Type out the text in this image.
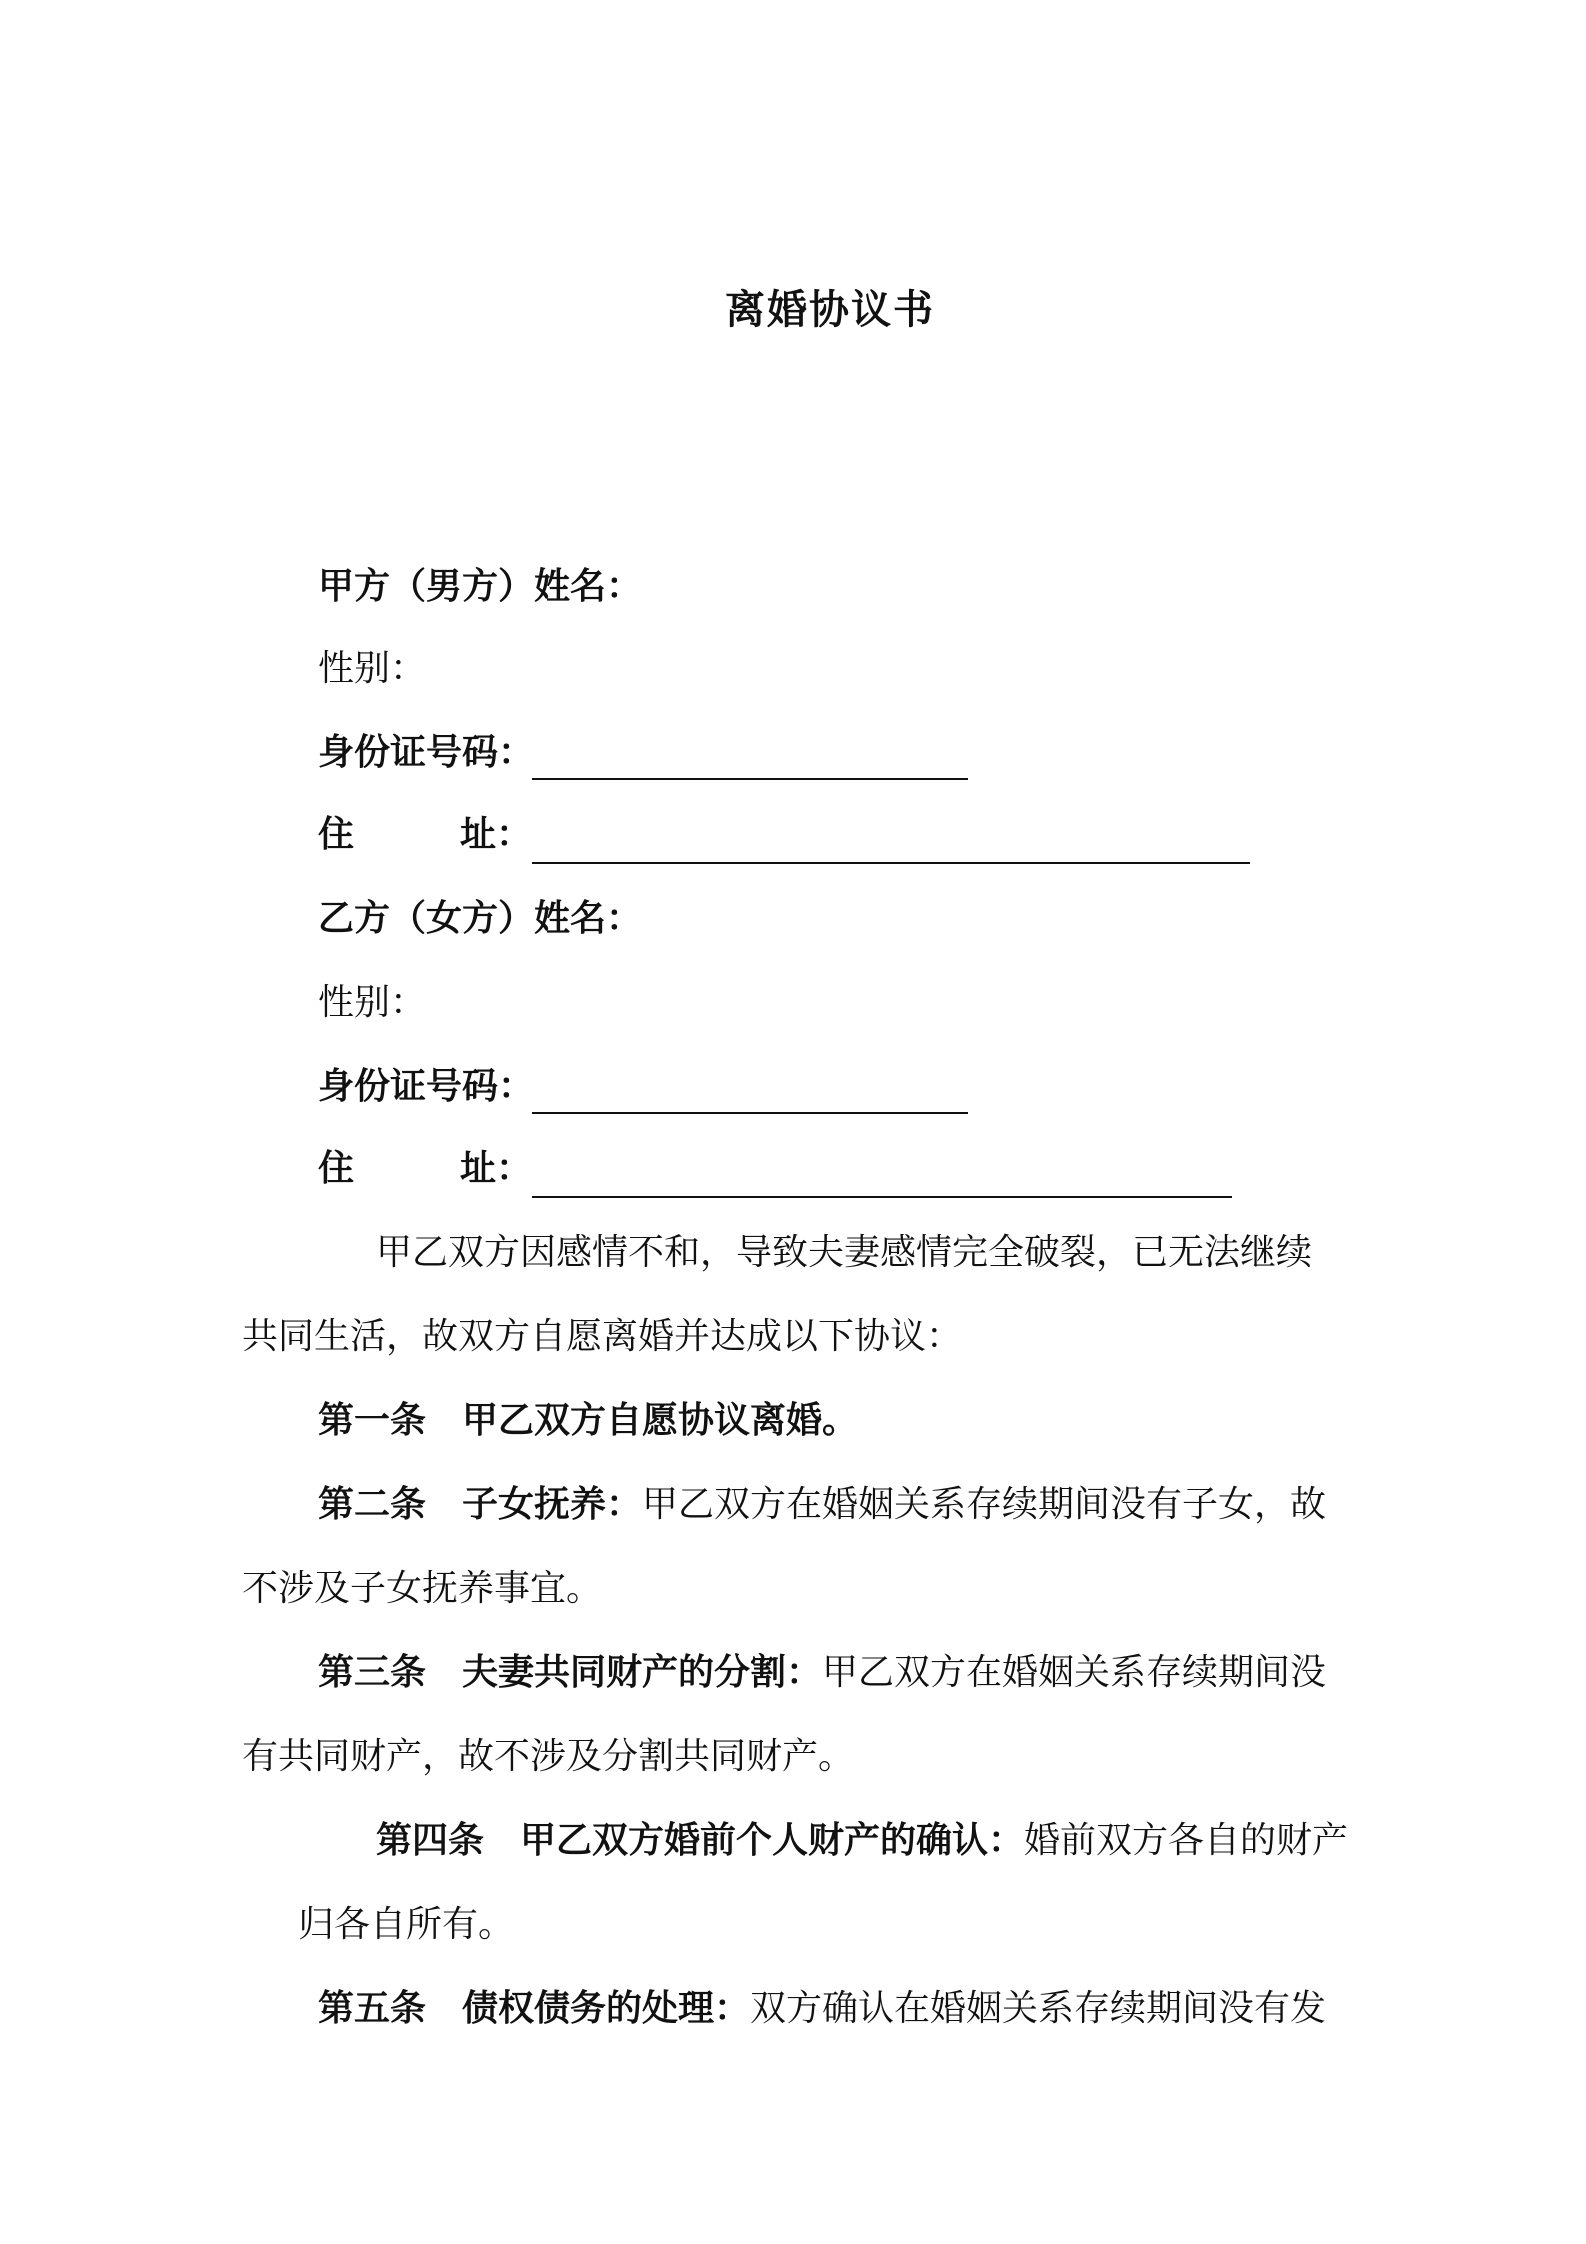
离婚协议书
甲方（男方）姓名：
性别：
身份证号码：
住	址：
乙方（女方）姓名：
性别：
身份证号码：
住	址：
甲乙双方因感情不和，导致夫妻感情完全破裂，已无法继续
共同生活，故双方自愿离婚并达成以下协议：
第一条 甲乙双方自愿协议离婚。
第二条 子女抚养：甲乙双方在婚姻关系存续期间没有子女，故
不涉及子女抚养事宜。
第三条 夫妻共同财产的分割：甲乙双方在婚姻关系存续期间没
有共同财产，故不涉及分割共同财产。
第四条 甲乙双方婚前个人财产的确认：婚前双方各自的财产
归各自所有。
第五条 债权债务的处理：双方确认在婚姻关系存续期间没有发
